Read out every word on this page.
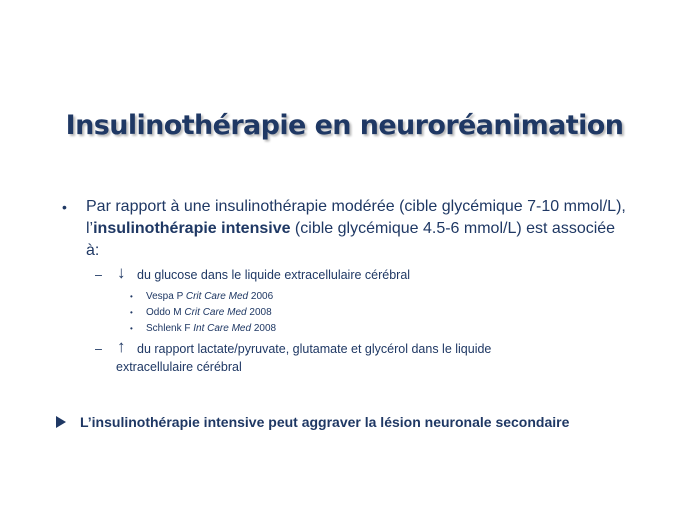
Insulinothérapie en neuroréanimation
• Par rapport à une insulinothérapie modérée (cible glycémique 7-10 mmol/L), l’insulinothérapie intensive (cible glycémique 4.5-6 mmol/L) est associée à:
– ↓ du glucose dans le liquide extracellulaire cérébral
• Vespa P Crit Care Med 2006
• Oddo M Crit Care Med 2008
• Schlenk F Int Care Med 2008
– ↑ du rapport lactate/pyruvate, glutamate et glycérol dans le liquide
extracellulaire cérébral
L’insulinothérapie intensive peut aggraver la lésion neuronale secondaire
